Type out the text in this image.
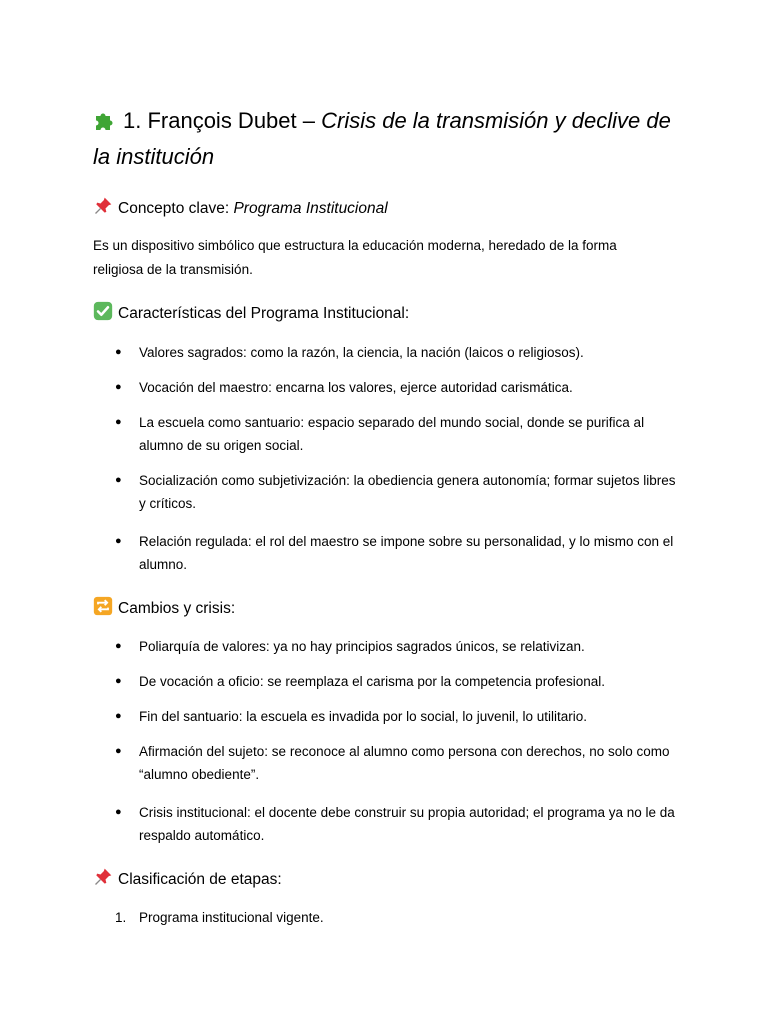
1. François Dubet – Crisis de la transmisión y declive de la institución
Concepto clave: Programa Institucional

Es un dispositivo simbólico que estructura la educación moderna, heredado de la forma religiosa de la transmisión.

Características del Programa Institucional:
● Valores sagrados: como la razón, la ciencia, la nación (laicos o religiosos).
● Vocación del maestro: encarna los valores, ejerce autoridad carismática.
● La escuela como santuario: espacio separado del mundo social, donde se purifica al alumno de su origen social.
● Socialización como subjetivización: la obediencia genera autonomía; formar sujetos libres y críticos.
● Relación regulada: el rol del maestro se impone sobre su personalidad, y lo mismo con el alumno.
Cambios y crisis:
● Poliarquía de valores: ya no hay principios sagrados únicos, se relativizan.
● De vocación a oficio: se reemplaza el carisma por la competencia profesional.
● Fin del santuario: la escuela es invadida por lo social, lo juvenil, lo utilitario.
● Afirmación del sujeto: se reconoce al alumno como persona con derechos, no solo como “alumno obediente”.
● Crisis institucional: el docente debe construir su propia autoridad; el programa ya no le da respaldo automático.
Clasificación de etapas:
1. Programa institucional vigente.
